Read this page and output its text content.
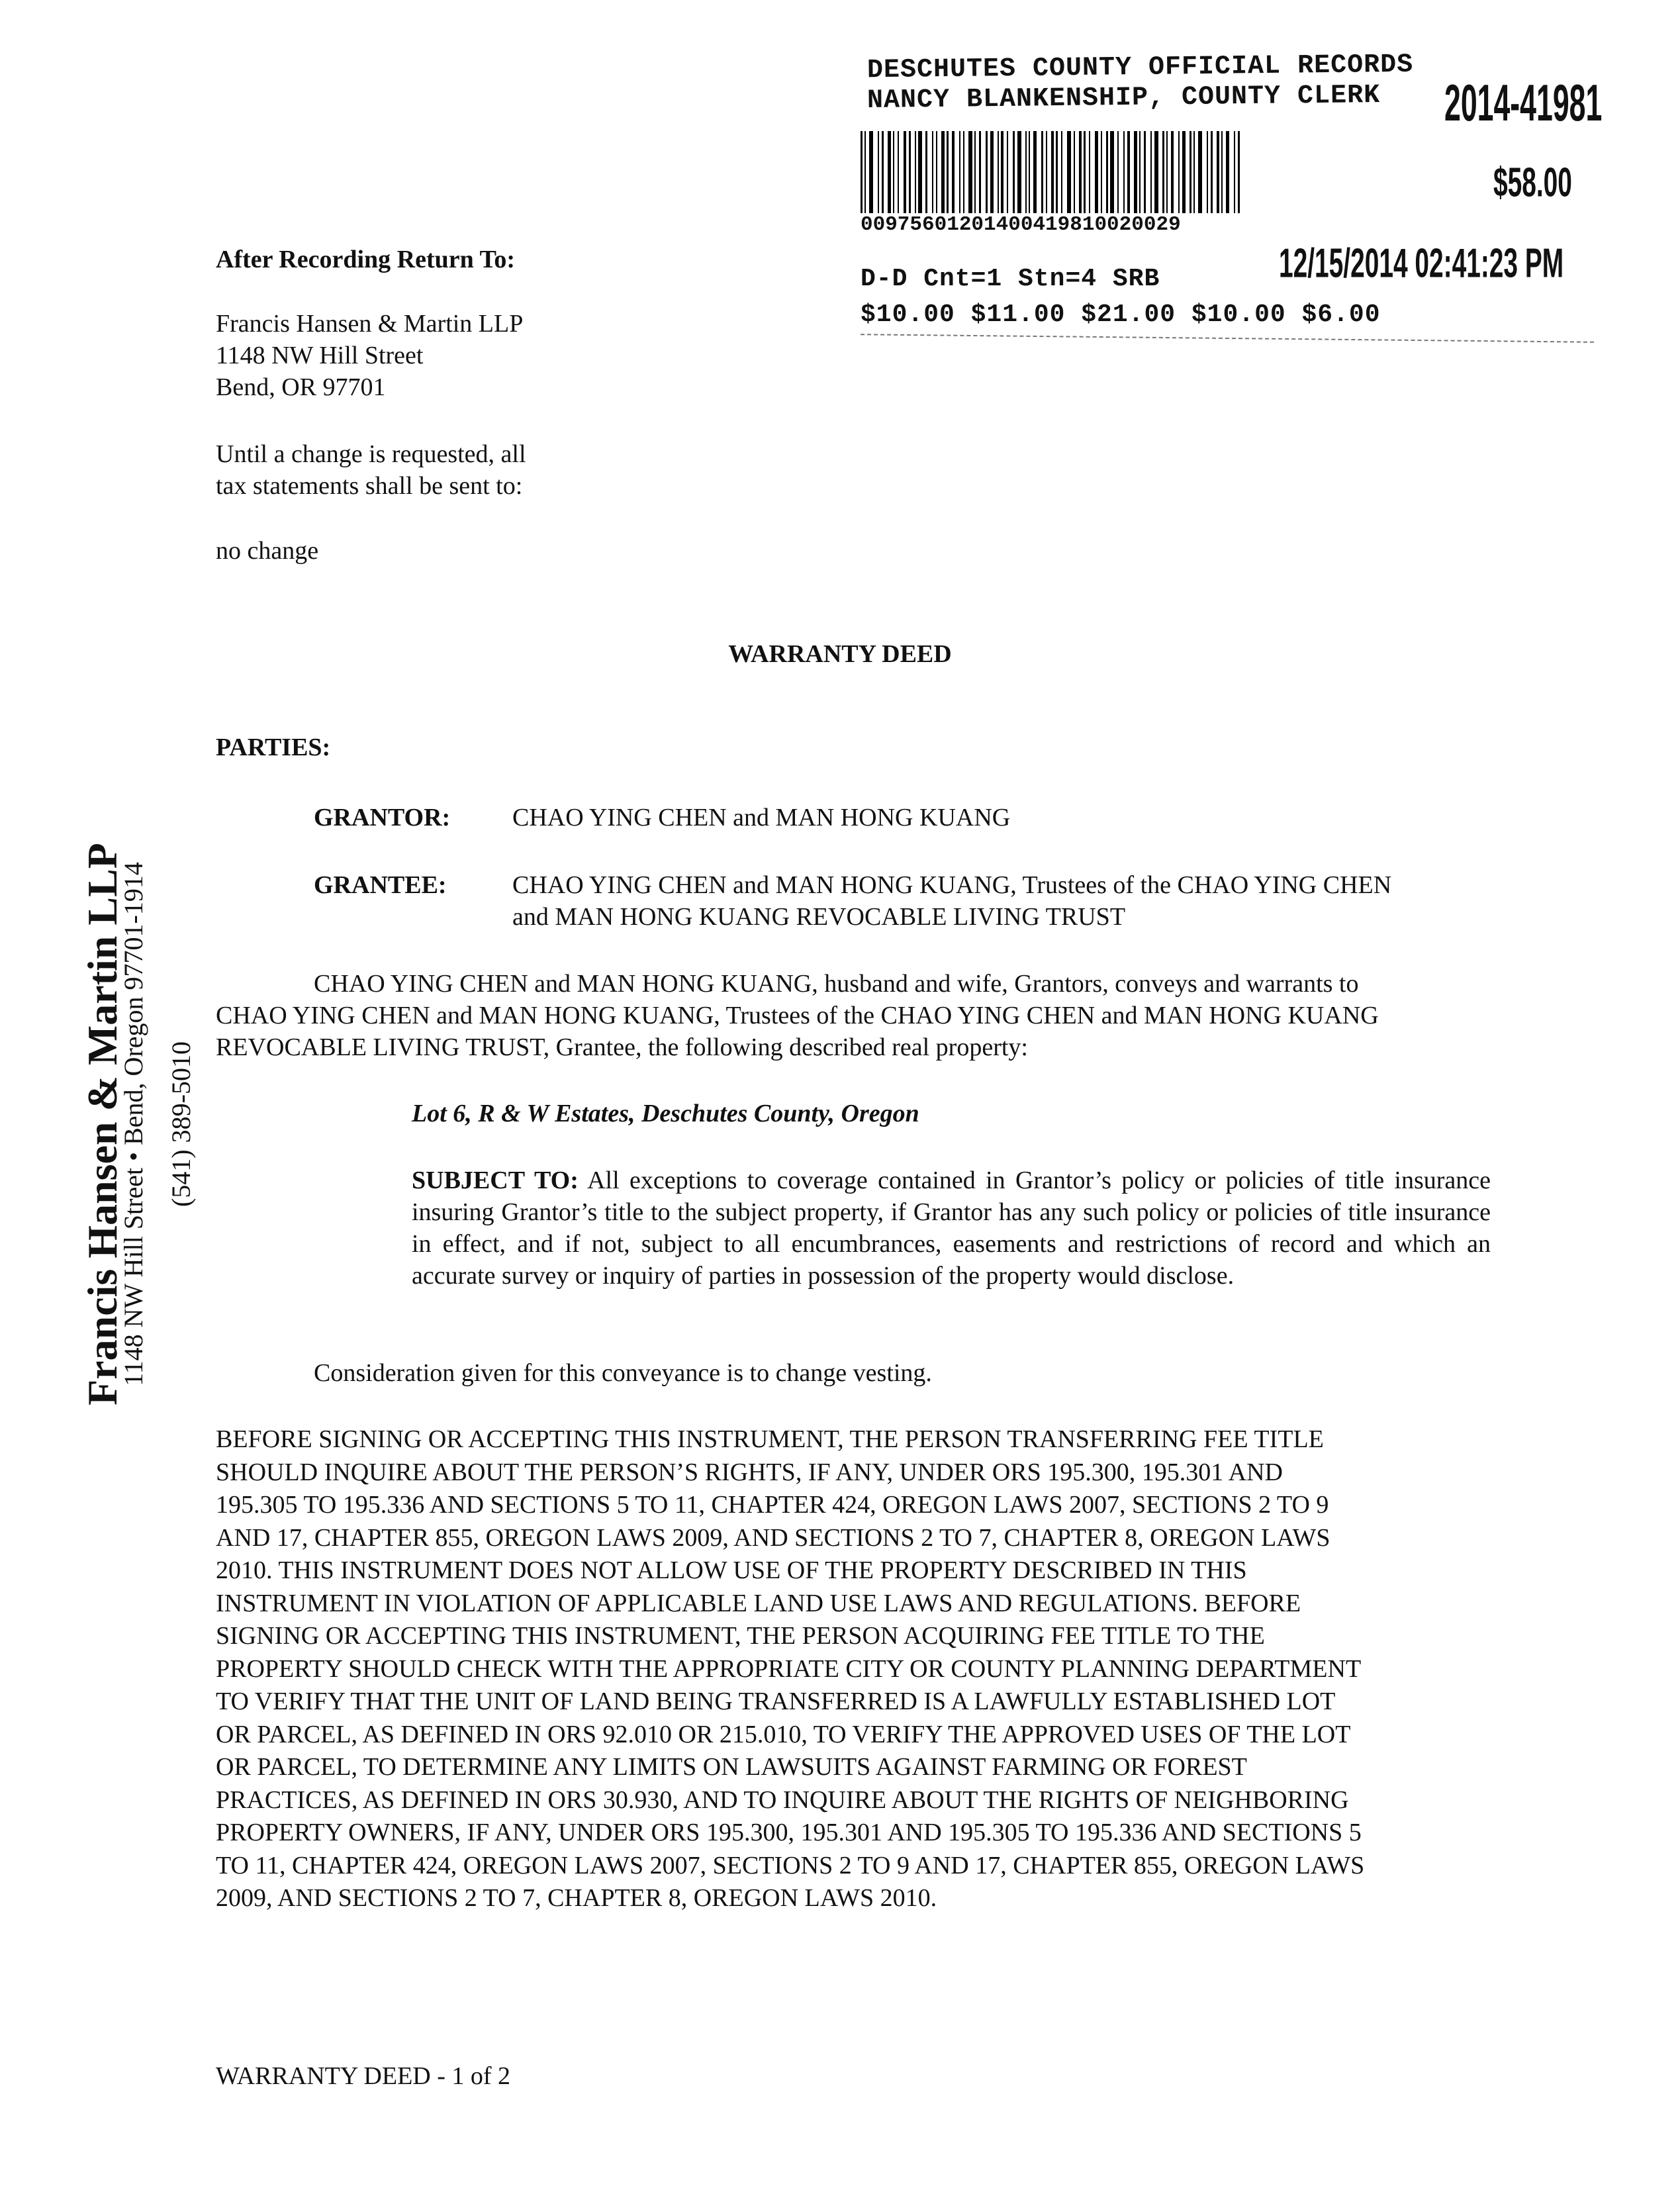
DESCHUTES COUNTY OFFICIAL RECORDS
NANCY BLANKENSHIP, COUNTY CLERK 2014-41981
$58.00
00975601201400419810020029
12/15/2014 02:41:23 PM
D-D Cnt=1 Stn=4 SRB
$10.00 $11.00 $21.00 $10.00 $6.00
After Recording Return To:
Francis Hansen & Martin LLP
1148 NW Hill Street
Bend, OR 97701
Until a change is requested, all
tax statements shall be sent to:
no change
WARRANTY DEED
PARTIES:
GRANTOR: CHAO YING CHEN and MAN HONG KUANG
GRANTEE:	CHAO YING CHEN and MAN HONG KUANG, Trustees of the CHAO YING CHEN
and MAN HONG KUANG REVOCABLE LIVING TRUST
CHAO YING CHEN and MAN HONG KUANG, husband and wife, Grantors, conveys and warrants to
CHAO YING CHEN and MAN HONG KUANG, Trustees of the CHAO YING CHEN and MAN HONG KUANG
REVOCABLE LIVING TRUST, Grantee, the following described real property:
Lot 6, R & W Estates, Deschutes County, Oregon
SUBJECT TO: All exceptions to coverage contained in Grantor’s policy or policies of title insurance insuring Grantor’s title to the subject property, if Grantor has any such policy or policies of title insurance in effect, and if not, subject to all encumbrances, easements and restrictions of record and which an accurate survey or inquiry of parties in possession of the property would disclose.
Consideration given for this conveyance is to change vesting.
BEFORE SIGNING OR ACCEPTING THIS INSTRUMENT, THE PERSON TRANSFERRING FEE TITLE
SHOULD INQUIRE ABOUT THE PERSON’S RIGHTS, IF ANY, UNDER ORS 195.300, 195.301 AND
195.305 TO 195.336 AND SECTIONS 5 TO 11, CHAPTER 424, OREGON LAWS 2007, SECTIONS 2 TO 9
AND 17, CHAPTER 855, OREGON LAWS 2009, AND SECTIONS 2 TO 7, CHAPTER 8, OREGON LAWS
2010. THIS INSTRUMENT DOES NOT ALLOW USE OF THE PROPERTY DESCRIBED IN THIS
INSTRUMENT IN VIOLATION OF APPLICABLE LAND USE LAWS AND REGULATIONS. BEFORE
SIGNING OR ACCEPTING THIS INSTRUMENT, THE PERSON ACQUIRING FEE TITLE TO THE
PROPERTY SHOULD CHECK WITH THE APPROPRIATE CITY OR COUNTY PLANNING DEPARTMENT
TO VERIFY THAT THE UNIT OF LAND BEING TRANSFERRED IS A LAWFULLY ESTABLISHED LOT
OR PARCEL, AS DEFINED IN ORS 92.010 OR 215.010, TO VERIFY THE APPROVED USES OF THE LOT
OR PARCEL, TO DETERMINE ANY LIMITS ON LAWSUITS AGAINST FARMING OR FOREST
PRACTICES, AS DEFINED IN ORS 30.930, AND TO INQUIRE ABOUT THE RIGHTS OF NEIGHBORING
PROPERTY OWNERS, IF ANY, UNDER ORS 195.300, 195.301 AND 195.305 TO 195.336 AND SECTIONS 5
TO 11, CHAPTER 424, OREGON LAWS 2007, SECTIONS 2 TO 9 AND 17, CHAPTER 855, OREGON LAWS
2009, AND SECTIONS 2 TO 7, CHAPTER 8, OREGON LAWS 2010.
Francis Hansen & Martin LLP
1148 NW Hill Street • Bend, Oregon 97701-1914 (541) 389-5010
WARRANTY DEED - 1 of 2
